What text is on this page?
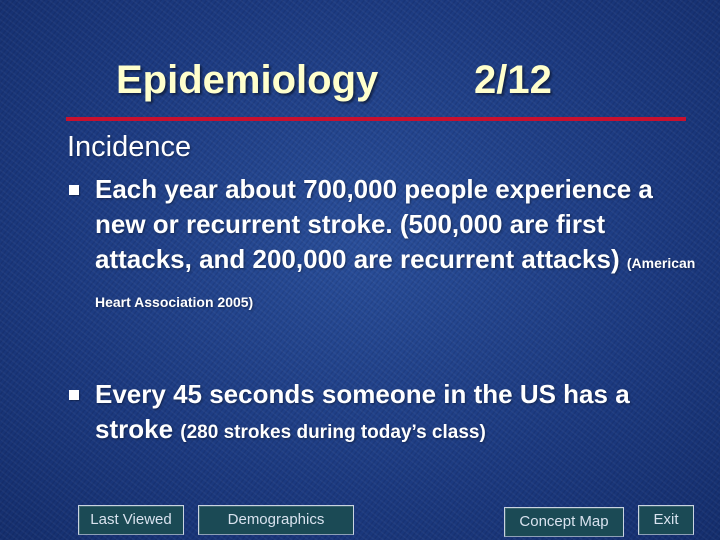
Epidemiology 2/12
Incidence
Each year about 700,000 people experience a new or recurrent stroke. (500,000 are first attacks, and 200,000 are recurrent attacks) (American Heart Association 2005)
Every 45 seconds someone in the US has a stroke (280 strokes during today’s class)
Last Viewed	Demographics	Concept Map	Exit
